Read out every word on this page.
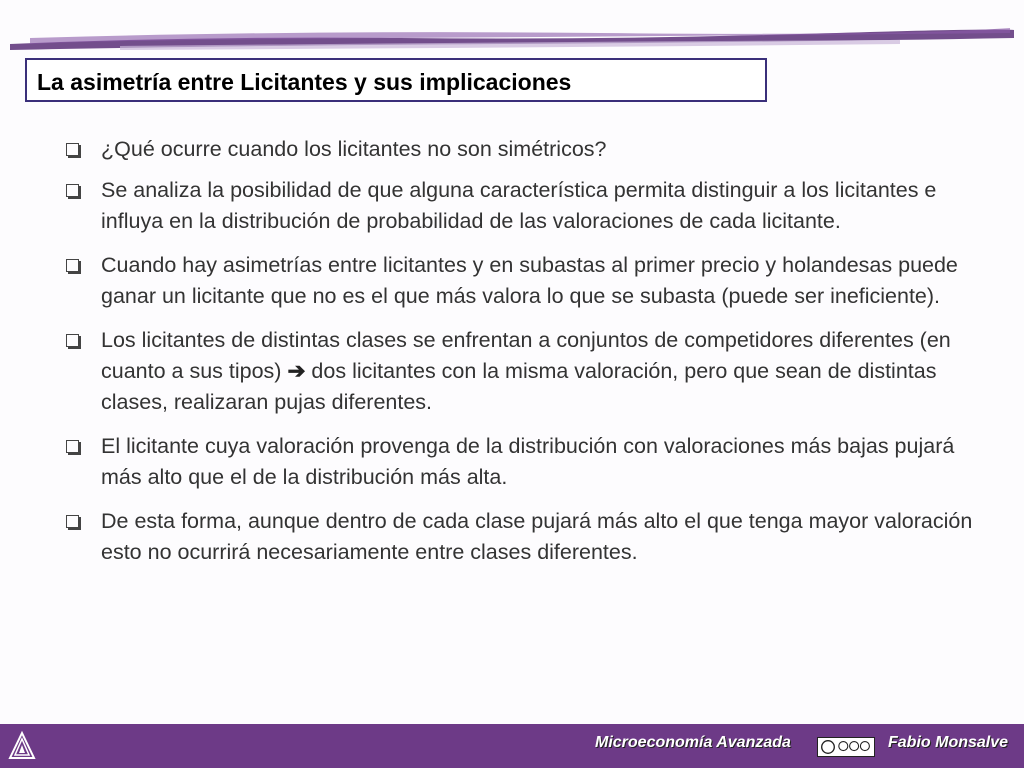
La asimetría entre Licitantes y sus implicaciones
¿Qué ocurre cuando los licitantes no son simétricos?
Se analiza la posibilidad de que alguna característica permita distinguir a los licitantes e influya en la distribución de probabilidad de las valoraciones de cada licitante.
Cuando hay asimetrías entre licitantes y en subastas al primer precio y holandesas puede ganar un licitante que no es el que más valora lo que se subasta (puede ser ineficiente).
Los licitantes de distintas clases se enfrentan a conjuntos de competidores diferentes (en cuanto a sus tipos) ➔ dos licitantes con la misma valoración, pero que sean de distintas clases, realizaran pujas diferentes.
El licitante cuya valoración provenga de la distribución con valoraciones más bajas pujará más alto que el de la distribución más alta.
De esta forma, aunque dentro de cada clase pujará más alto el que tenga mayor valoración esto no ocurrirá necesariamente entre clases diferentes.
Microeconomía Avanzada	Fabio Monsalve
